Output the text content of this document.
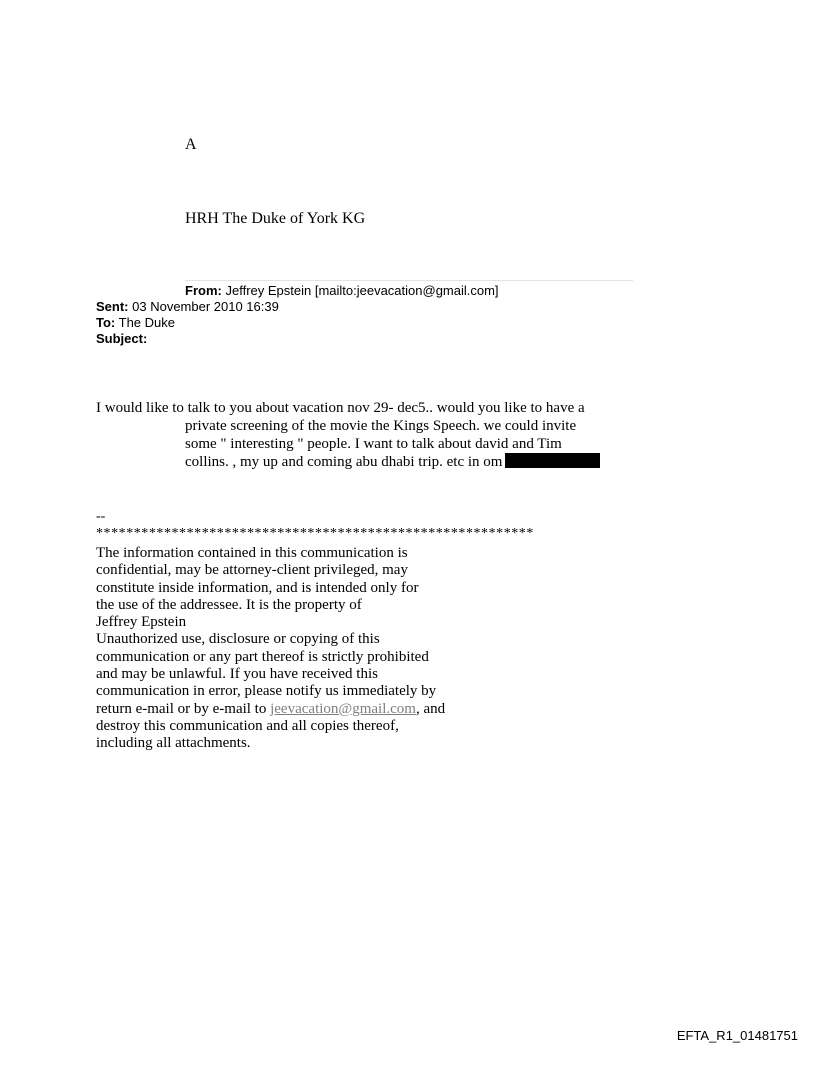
A
HRH The Duke of York KG
From: Jeffrey Epstein [mailto:jeevacation@gmail.com]
Sent: 03 November 2010 16:39
To: The Duke
Subject:
I would like to talk to you about vacation nov 29- dec5.. would you like to have a
private screening of the movie the Kings Speech. we could invite
some " interesting " people. I want to talk about david and Tim
collins. , my up and coming abu dhabi trip. etc in om
--
**********************************************************
The information contained in this communication is
confidential, may be attorney-client privileged, may
constitute inside information, and is intended only for
the use of the addressee. It is the property of
Jeffrey Epstein
Unauthorized use, disclosure or copying of this
communication or any part thereof is strictly prohibited
and may be unlawful. If you have received this
communication in error, please notify us immediately by
return e-mail or by e-mail to jeevacation@gmail.com, and
destroy this communication and all copies thereof,
including all attachments.
EFTA_R1_01481751
